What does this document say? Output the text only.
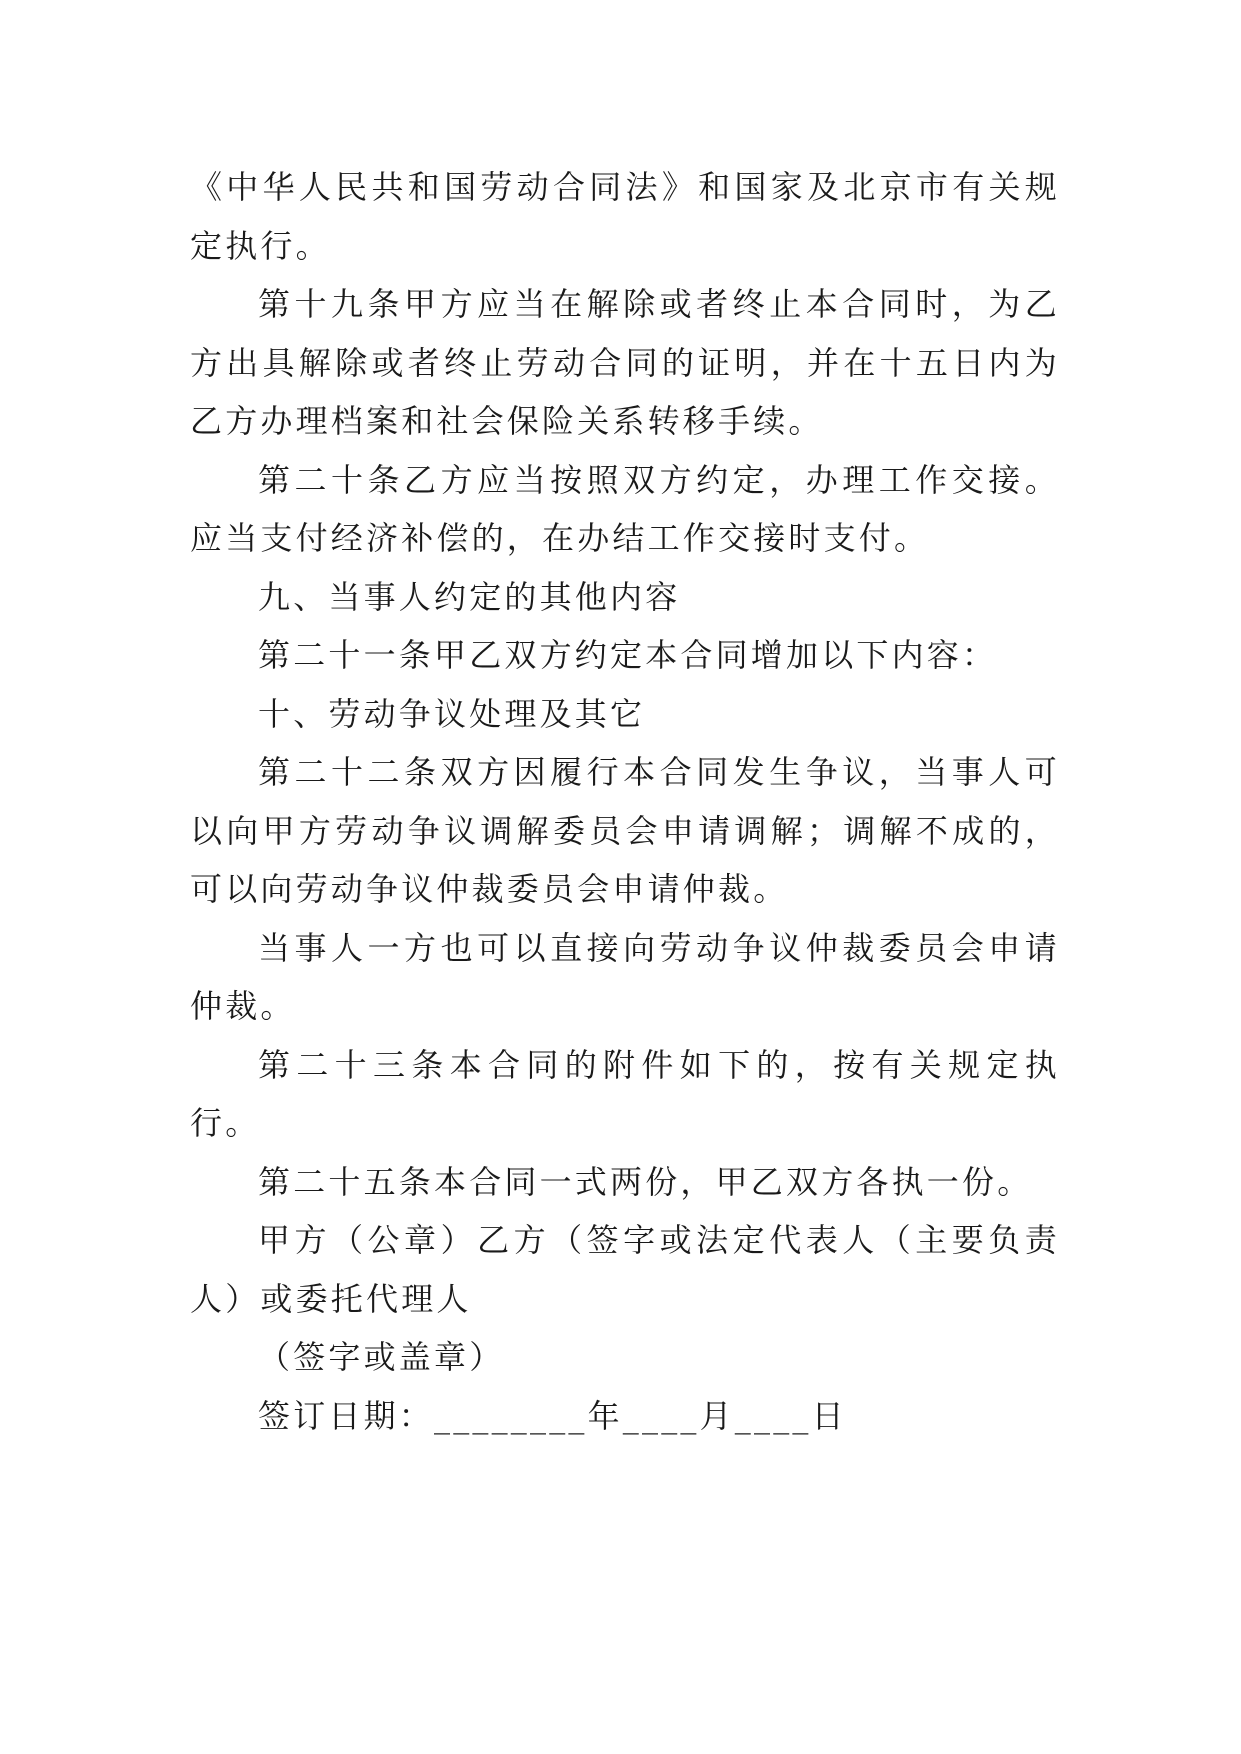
《中华人民共和国劳动合同法》和国家及北京市有关规定执行。

第十九条甲方应当在解除或者终止本合同时，为乙方出具解除或者终止劳动合同的证明，并在十五日内为乙方办理档案和社会保险关系转移手续。

第二十条乙方应当按照双方约定，办理工作交接。应当支付经济补偿的，在办结工作交接时支付。

九、当事人约定的其他内容

第二十一条甲乙双方约定本合同增加以下内容：

十、劳动争议处理及其它

第二十二条双方因履行本合同发生争议，当事人可以向甲方劳动争议调解委员会申请调解；调解不成的，可以向劳动争议仲裁委员会申请仲裁。

当事人一方也可以直接向劳动争议仲裁委员会申请仲裁。

第二十三条本合同的附件如下的，按有关规定执行。

第二十五条本合同一式两份，甲乙双方各执一份。

甲方（公章）乙方（签字或法定代表人（主要负责人）或委托代理人

（签字或盖章）

签订日期：________年____月____日
